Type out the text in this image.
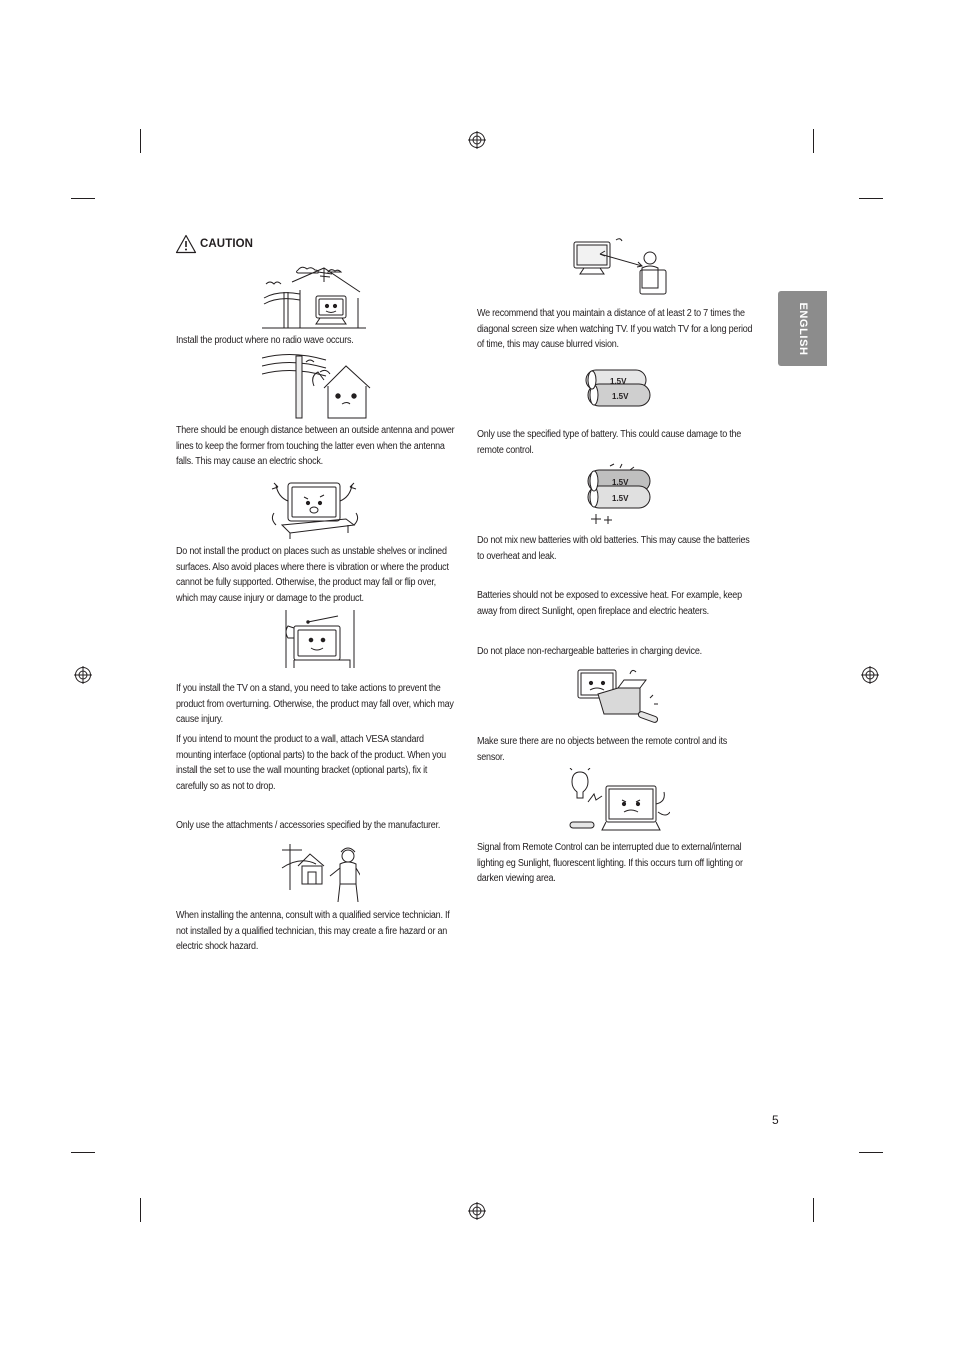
CAUTION
1.5V
1.5V
1.5V
1.5V

Install the product where no radio wave occurs.

There should be enough distance between an outside antenna and power lines to keep the former from touching the latter even when the antenna falls. This may cause an electric shock.

Do not install the product on places such as unstable shelves or inclined surfaces. Also avoid places where there is vibration or where the product cannot be fully supported. Otherwise, the product may fall or flip over, which may cause injury or damage to the product.

If you install the TV on a stand, you need to take actions to prevent the product from overturning. Otherwise, the product may fall over, which may cause injury.

If you intend to mount the product to a wall, attach VESA standard mounting interface (optional parts) to the back of the product. When you install the set to use the wall mounting bracket (optional parts), fix it carefully so as not to drop.

Only use the attachments / accessories specified by the manufacturer.

When installing the antenna, consult with a qualified service technician. If not installed by a qualified technician, this may create a fire hazard or an electric shock hazard.

We recommend that you maintain a distance of at least 2 to 7 times the diagonal screen size when watching TV. If you watch TV for a long period of time, this may cause blurred vision.

Only use the specified type of battery. This could cause damage to the remote control.

Do not mix new batteries with old batteries. This may cause the batteries to overheat and leak.

Batteries should not be exposed to excessive heat. For example, keep away from direct Sunlight, open fireplace and electric heaters.

Do not place non-rechargeable batteries in charging device.

Make sure there are no objects between the remote control and its sensor.

Signal from Remote Control can be interrupted due to external/internal lighting eg Sunlight, fluorescent lighting. If this occurs turn off lighting or darken viewing area.

ENGLISH
5
